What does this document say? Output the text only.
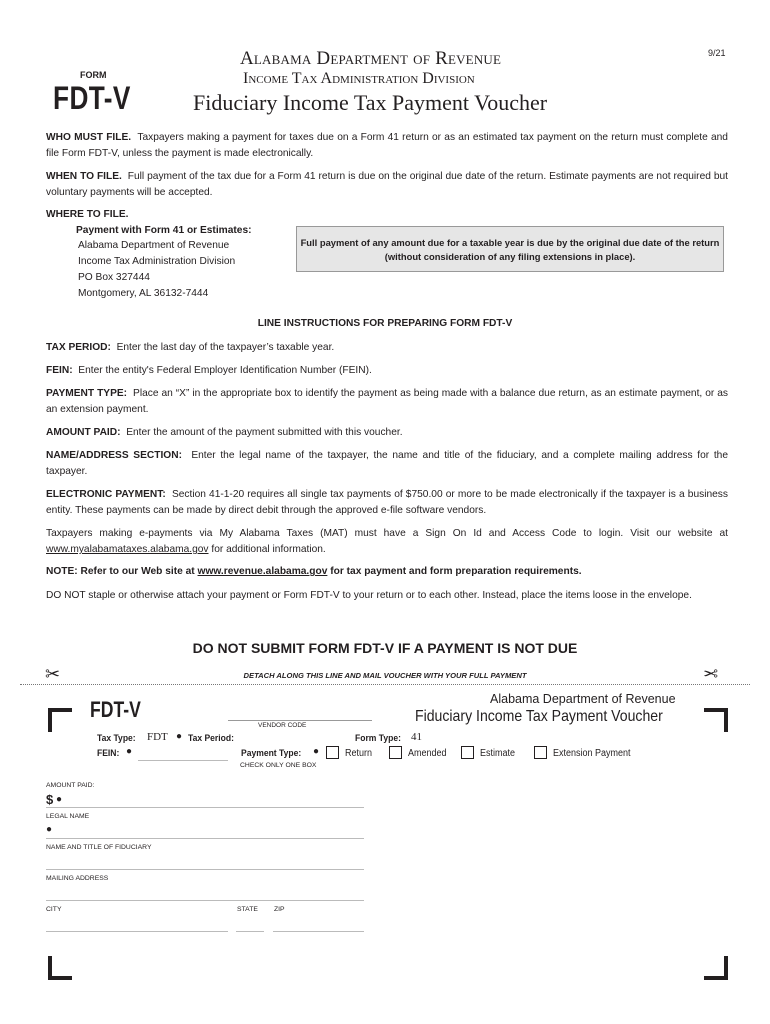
Alabama Department of Revenue
Income Tax Administration Division
9/21
FORM
FDT-V	Fiduciary Income Tax Payment Voucher
WHO MUST FILE. Taxpayers making a payment for taxes due on a Form 41 return or as an estimated tax payment on the return must complete and file Form FDT-V, unless the payment is made electronically.
WHEN TO FILE. Full payment of the tax due for a Form 41 return is due on the original due date of the return. Estimate payments are not required but voluntary payments will be accepted.
WHERE TO FILE.
Payment with Form 41 or Estimates:
Alabama Department of Revenue
Income Tax Administration Division
PO Box 327444
Montgomery, AL 36132-7444
Full payment of any amount due for a taxable year is due by the original due date of the return (without consideration of any filing extensions in place).
LINE INSTRUCTIONS FOR PREPARING FORM FDT-V
TAX PERIOD: Enter the last day of the taxpayer’s taxable year.
FEIN: Enter the entity's Federal Employer Identification Number (FEIN).
PAYMENT TYPE: Place an “X” in the appropriate box to identify the payment as being made with a balance due return, as an estimate payment, or as an extension payment.
AMOUNT PAID: Enter the amount of the payment submitted with this voucher.
NAME/ADDRESS SECTION: Enter the legal name of the taxpayer, the name and title of the fiduciary, and a complete mailing address for the taxpayer.
ELECTRONIC PAYMENT: Section 41-1-20 requires all single tax payments of $750.00 or more to be made electronically if the taxpayer is a business entity. These payments can be made by direct debit through the approved e-file software vendors.
Taxpayers making e-payments via My Alabama Taxes (MAT) must have a Sign On Id and Access Code to login. Visit our website at www.myalabamataxes.alabama.gov for additional information.
NOTE: Refer to our Web site at www.revenue.alabama.gov for tax payment and form preparation requirements.
DO NOT staple or otherwise attach your payment or Form FDT-V to your return or to each other. Instead, place the items loose in the envelope.
DO NOT SUBMIT FORM FDT-V IF A PAYMENT IS NOT DUE
✂	✂
DETACH ALONG THIS LINE AND MAIL VOUCHER WITH YOUR FULL PAYMENT
FDT-V	Alabama Department of Revenue
Fiduciary Income Tax Payment Voucher
VENDOR CODE
Tax Type: FDT ● Tax Period:	Form Type: 41
FEIN: ●	Payment Type: ●	Return	Amended	Estimate	Extension Payment
CHECK ONLY ONE BOX
AMOUNT PAID:
$ ●
LEGAL NAME
●
NAME AND TITLE OF FIDUCIARY
MAILING ADDRESS
CITY	STATE ZIP
